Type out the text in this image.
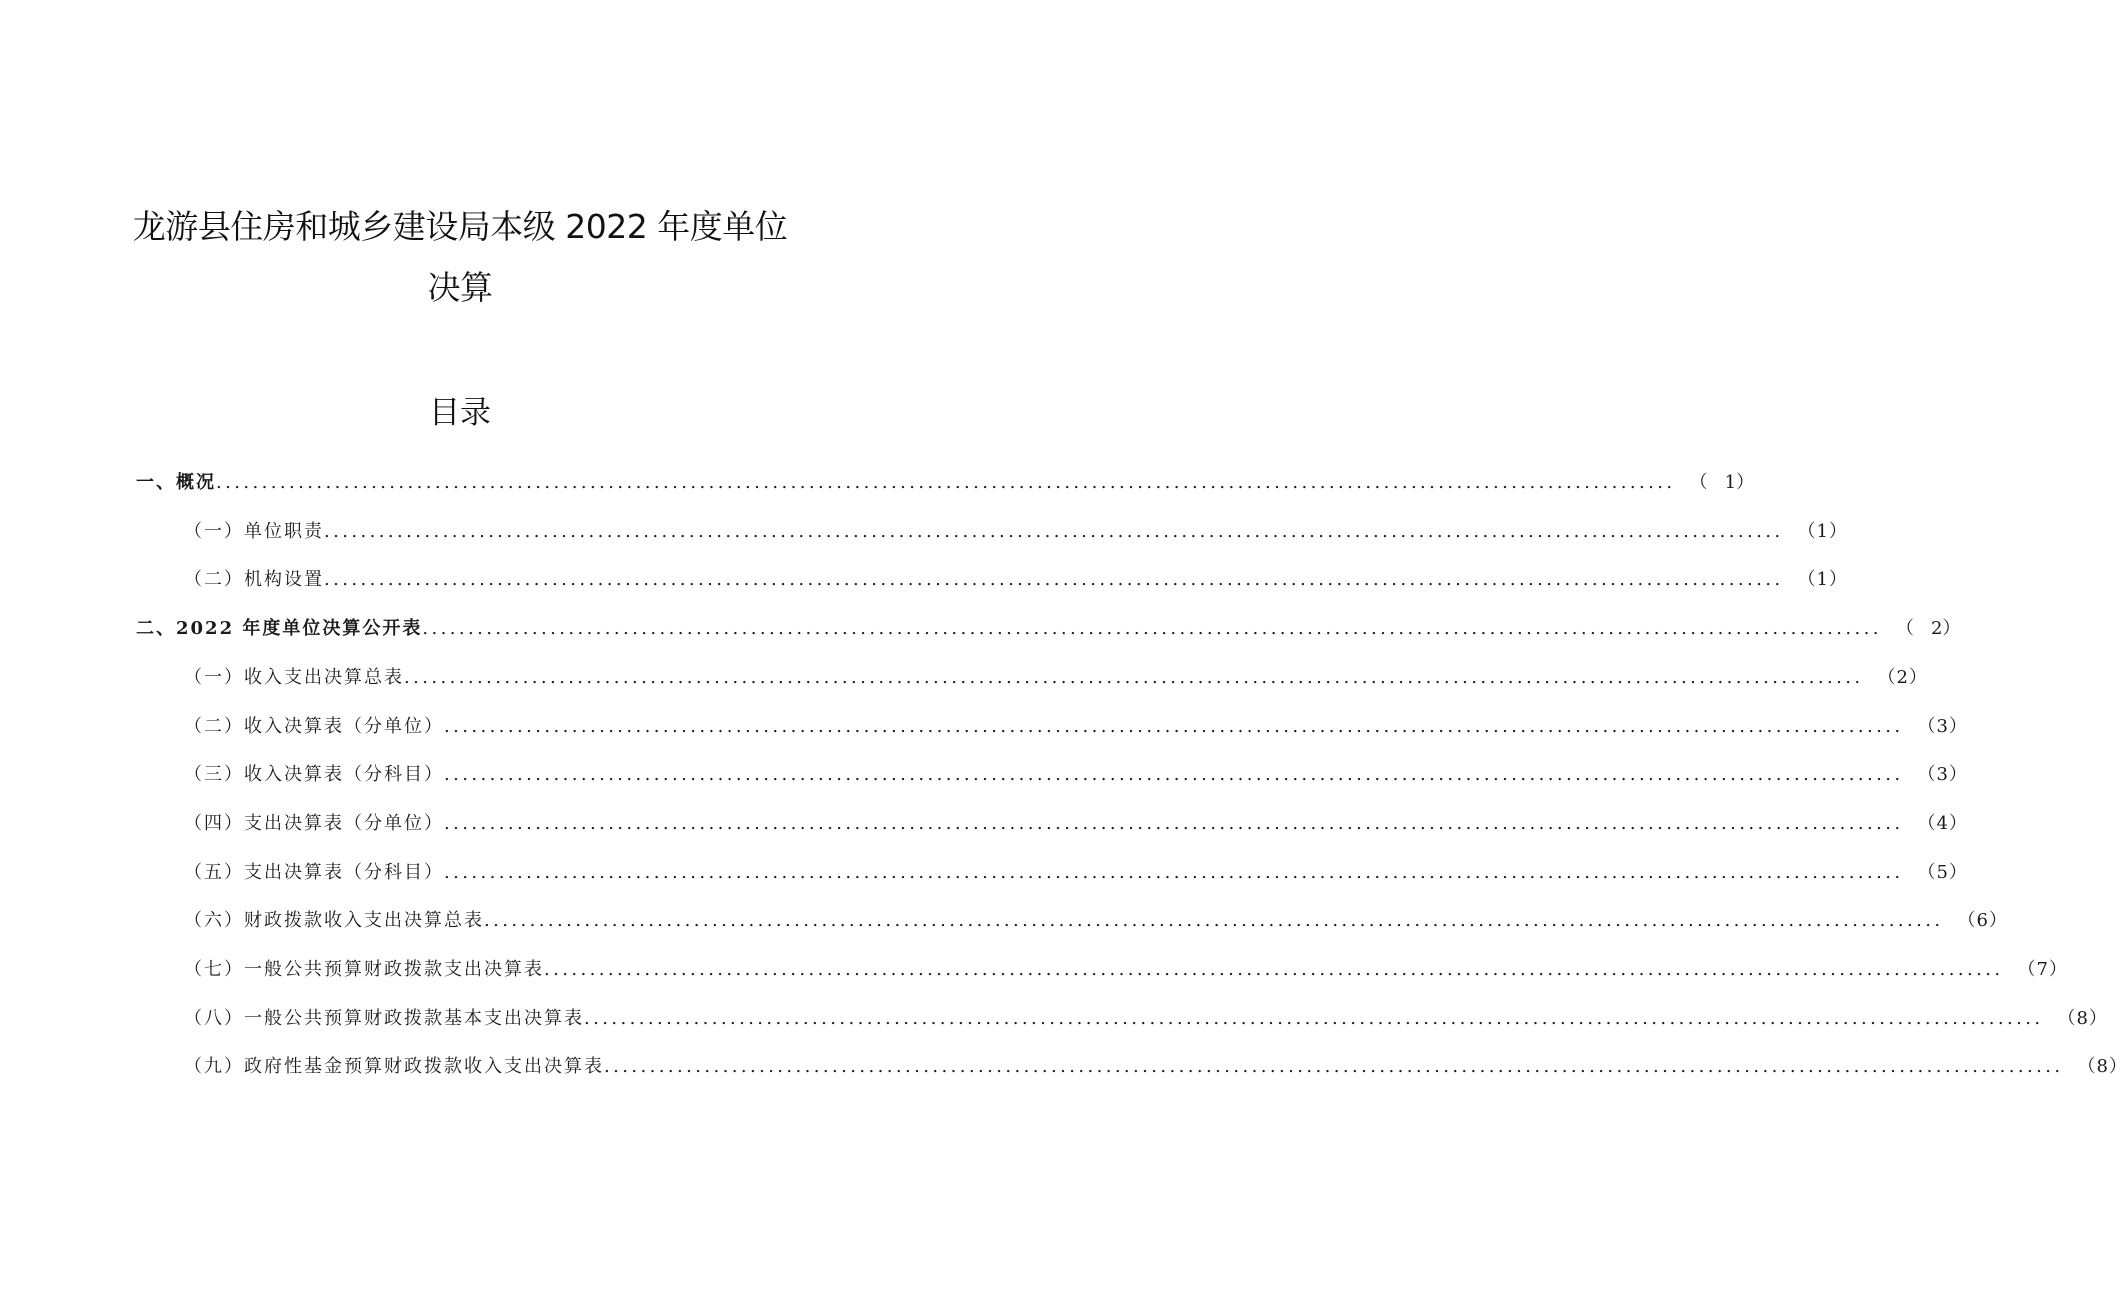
龙游县住房和城乡建设局本级 2022 年度单位
决算
目录
一、概况 ................................................................................................................................................................ （   1）
（一）单位职责 ................................................................................................................................................................ （1）
（二）机构设置 ................................................................................................................................................................ （1）
二、2022 年度单位决算公开表 ................................................................................................................................................................ （   2）
（一）收入支出决算总表 ................................................................................................................................................................ （2）
（二）收入决算表（分单位） ................................................................................................................................................................ （3）
（三）收入决算表（分科目） ................................................................................................................................................................ （3）
（四）支出决算表（分单位） ................................................................................................................................................................ （4）
（五）支出决算表（分科目） ................................................................................................................................................................ （5）
（六）财政拨款收入支出决算总表 ................................................................................................................................................................ （6）
（七）一般公共预算财政拨款支出决算表 ................................................................................................................................................................ （7）
（八）一般公共预算财政拨款基本支出决算表 ................................................................................................................................................................ （8）
（九）政府性基金预算财政拨款收入支出决算表 ................................................................................................................................................................ （8）
